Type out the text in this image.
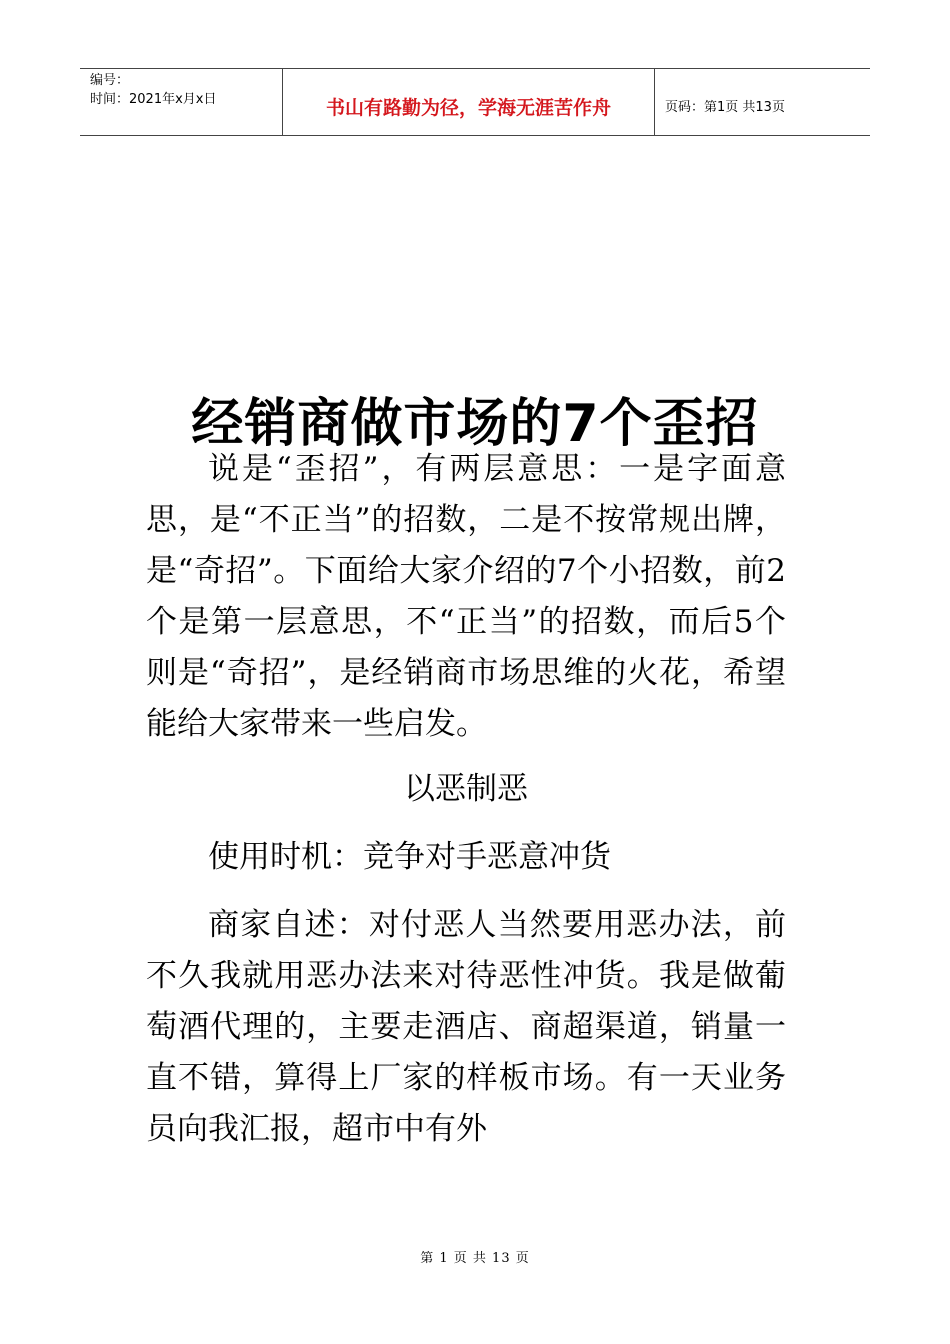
编号：
时间：2021年x月x日	书山有路勤为径，学海无涯苦作舟	页码：第1页 共13页
经销商做市场的7个歪招

说是“歪招”，有两层意思：一是字面意思，是“不正当”的招数，二是不按常规出牌，是“奇招”。下面给大家介绍的7个小招数，前2个是第一层意思，不“正当”的招数，而后5个则是“奇招”，是经销商市场思维的火花，希望能给大家带来一些启发。

以恶制恶

使用时机：竞争对手恶意冲货

商家自述：对付恶人当然要用恶办法，前不久我就用恶办法来对待恶性冲货。我是做葡萄酒代理的，主要走酒店、商超渠道，销量一直不错，算得上厂家的样板市场。有一天业务员向我汇报，超市中有外

第 1 页 共 13 页
